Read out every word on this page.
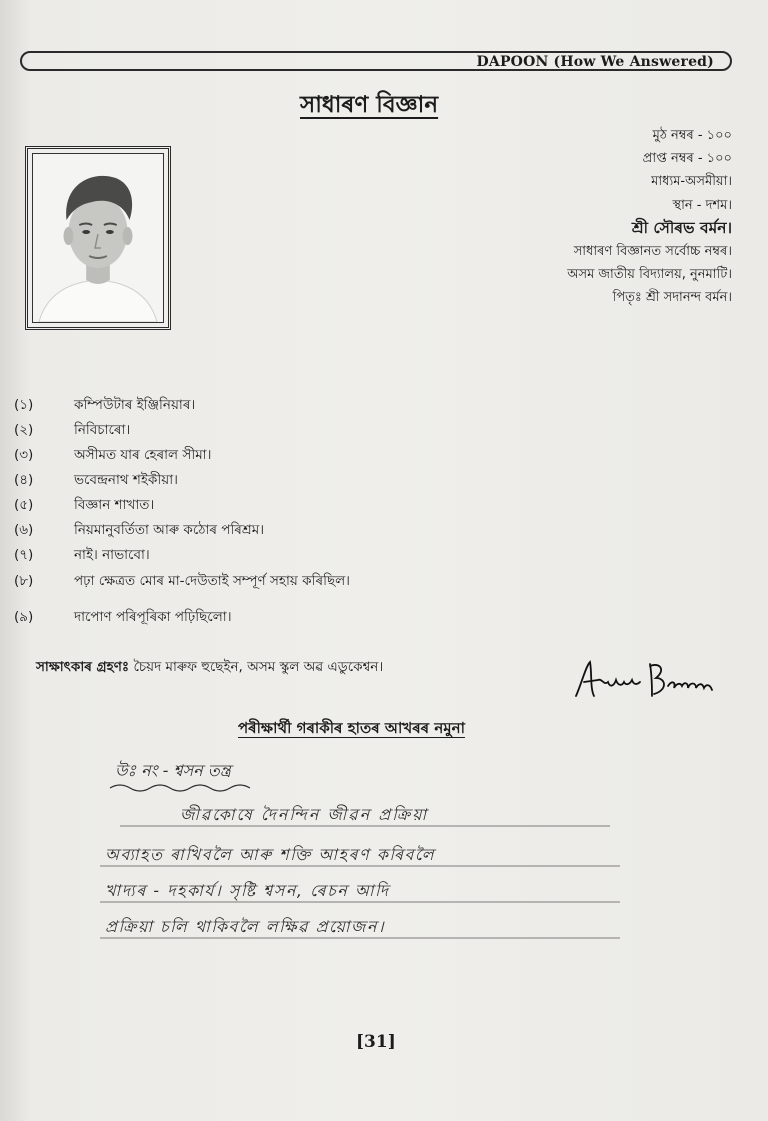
DAPOON (How We Answered)
সাধাৰণ বিজ্ঞান
মুঠ নম্বৰ - ১০০
প্ৰাপ্ত নম্বৰ - ১০০
মাধ্যম-অসমীয়া।
স্থান - দশম।
শ্ৰী সৌৰভ বৰ্মন।
সাধাৰণ বিজ্ঞানত সৰ্বোচ্চ নম্বৰ।
অসম জাতীয় বিদ্যালয়, নুনমাটি।
পিতৃঃ শ্ৰী সদানন্দ বৰ্মন।
(১)	কম্পিউটাৰ ইঞ্জিনিয়াৰ।
(২)	নিবিচাৰো।
(৩)	অসীমত যাৰ হেৰাল সীমা।
(৪)	ভবেন্দ্ৰনাথ শইকীয়া।
(৫)	বিজ্ঞান শাখাত।
(৬)	নিয়মানুবৰ্তিতা আৰু কঠোৰ পৰিশ্ৰম।
(৭)	নাই। নাভাবো।
(৮)	পঢ়া ক্ষেত্ৰত মোৰ মা-দেউতাই সম্পূৰ্ণ সহায় কৰিছিল।
(৯)	দাপোণ পৰিপূৰিকা পঢ়িছিলো।
সাক্ষাৎকাৰ গ্ৰহণঃ চৈয়দ মাৰুফ হুছেইন, অসম স্কুল অৱ এডুকেশ্বন।
পৰীক্ষাৰ্থী গৰাকীৰ হাতৰ আখৰৰ নমুনা
উঃ নং - শ্বসন তন্ত্ৰ
জীৱকোষে দৈনন্দিন জীৱন প্ৰক্ৰিয়া
অব্যাহত ৰাখিবলৈ আৰু শক্তি আহৰণ কৰিবলৈ
খাদ্যৰ - দহকাৰ্য। সৃষ্টি শ্বসন, ৰেচন আদি
প্ৰক্ৰিয়া চলি থাকিবলৈ লক্ষিৱ প্ৰয়োজন।
[31]
